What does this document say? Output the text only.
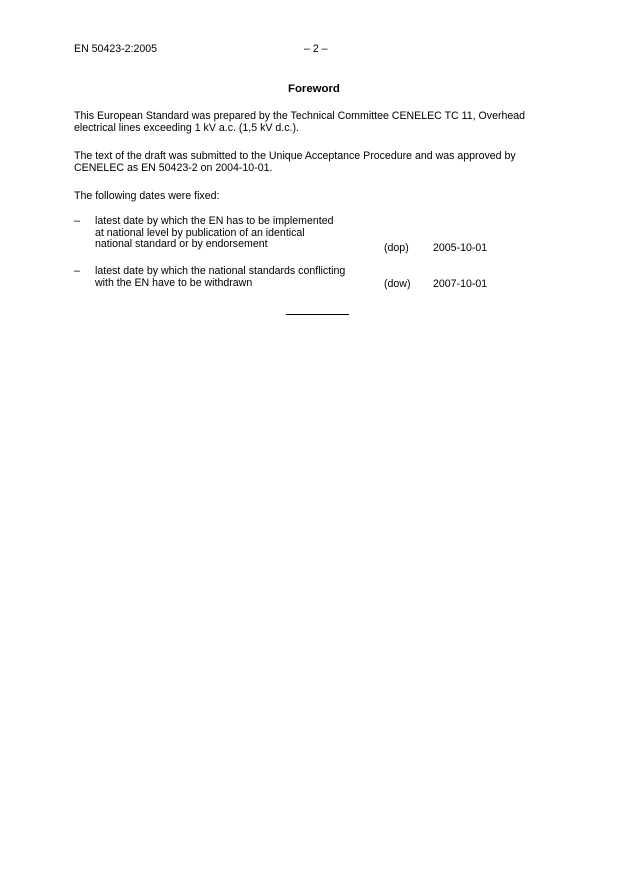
EN 50423-2:2005	– 2 –
Foreword
This European Standard was prepared by the Technical Committee CENELEC TC 11, Overhead
electrical lines exceeding 1 kV a.c. (1,5 kV d.c.).
The text of the draft was submitted to the Unique Acceptance Procedure and was approved by
CENELEC as EN 50423-2 on 2004-10-01.
The following dates were fixed:
– latest date by which the EN has to be implemented
at national level by publication of an identical
national standard or by endorsement	(dop) 2005-10-01
– latest date by which the national standards conflicting
with the EN have to be withdrawn	(dow) 2007-10-01
